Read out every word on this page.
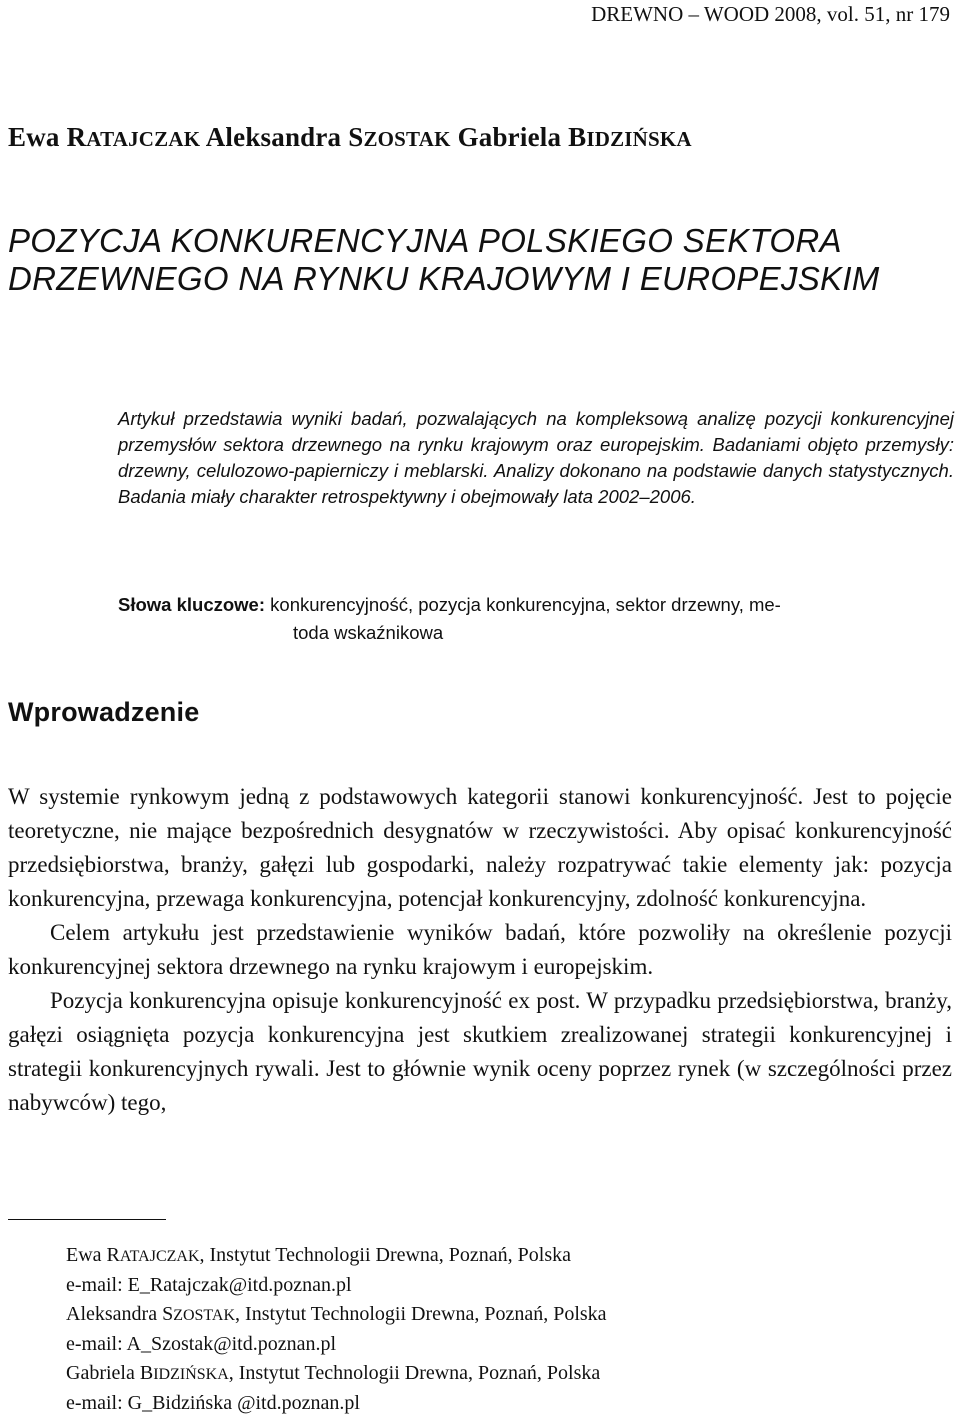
DREWNO – WOOD 2008, vol. 51, nr 179
Ewa RATAJCZAK Aleksandra SZOSTAK Gabriela BIDZIŃSKA
POZYCJA KONKURENCYJNA POLSKIEGO SEKTORA
DRZEWNEGO NA RYNKU KRAJOWYM I EUROPEJSKIM

Artykuł przedstawia wyniki badań, pozwalających na kompleksową analizę pozycji konkurencyjnej przemysłów sektora drzewnego na rynku krajowym oraz europejskim. Badaniami objęto przemysły: drzewny, celulozowo-papierniczy i meblarski. Analizy dokonano na podstawie danych statystycznych. Badania miały charakter retrospektywny i obejmowały lata 2002–2006.

Słowa kluczowe: konkurencyjność, pozycja konkurencyjna, sektor drzewny, me-
toda wskaźnikowa
Wprowadzenie

W systemie rynkowym jedną z podstawowych kategorii stanowi konkurencyjność. Jest to pojęcie teoretyczne, nie mające bezpośrednich desygnatów w rzeczywistości. Aby opisać konkurencyjność przedsiębiorstwa, branży, gałęzi lub gospodarki, należy rozpatrywać takie elementy jak: pozycja konkurencyjna, przewaga konkurencyjna, potencjał konkurencyjny, zdolność konkurencyjna.

Celem artykułu jest przedstawienie wyników badań, które pozwoliły na określenie pozycji konkurencyjnej sektora drzewnego na rynku krajowym i europejskim.

Pozycja konkurencyjna opisuje konkurencyjność ex post. W przypadku przedsiębiorstwa, branży, gałęzi osiągnięta pozycja konkurencyjna jest skutkiem zrealizowanej strategii konkurencyjnej i strategii konkurencyjnych rywali. Jest to głównie wynik oceny poprzez rynek (w szczególności przez nabywców) tego,

Ewa RATAJCZAK, Instytut Technologii Drewna, Poznań, Polska
e-mail: E_Ratajczak@itd.poznan.pl
Aleksandra SZOSTAK, Instytut Technologii Drewna, Poznań, Polska
e-mail: A_Szostak@itd.poznan.pl
Gabriela BIDZIŃSKA, Instytut Technologii Drewna, Poznań, Polska
e-mail: G_Bidzińska @itd.poznan.pl
